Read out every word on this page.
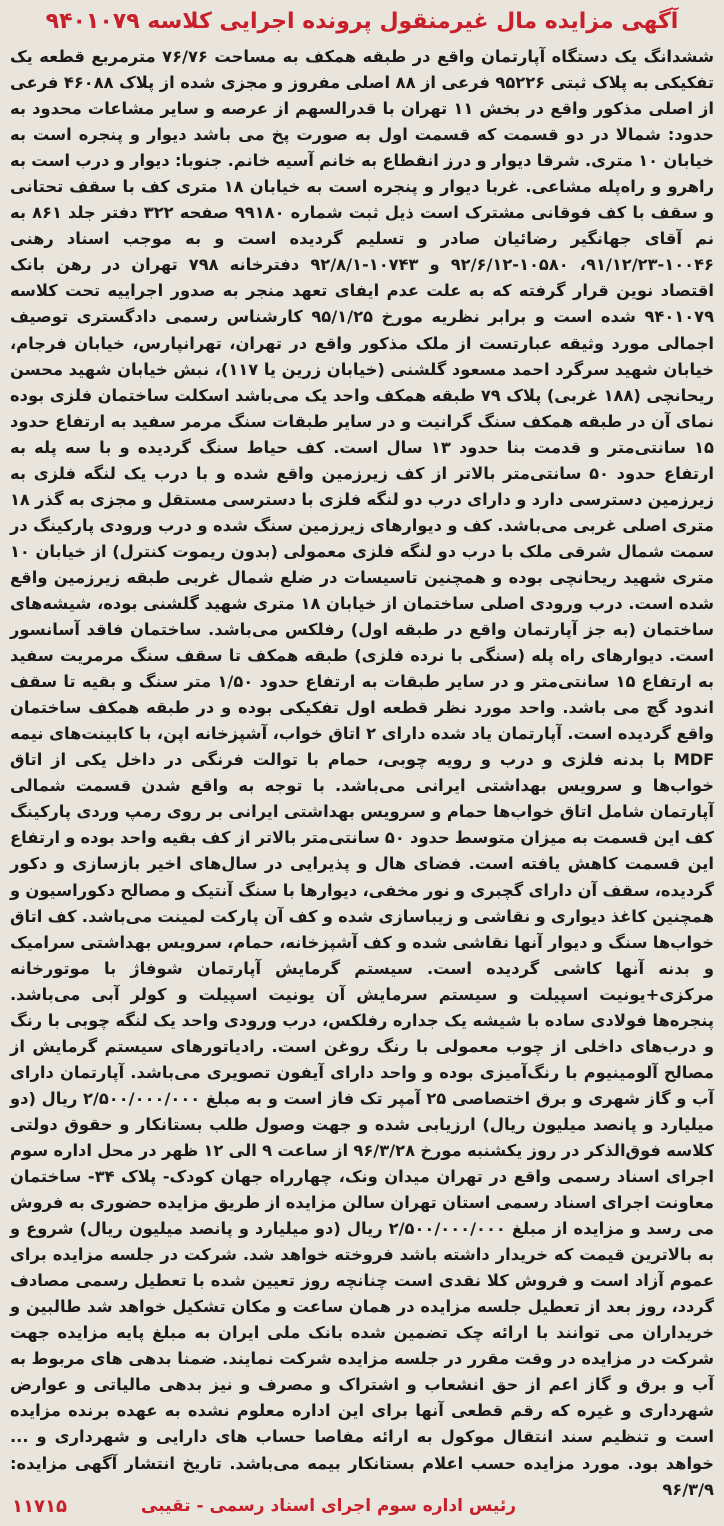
آگهی مزایده مال غیرمنقول پرونده اجرایی کلاسه ۹۴۰۱۰۷۹

ششدانگ یک دستگاه آپارتمان واقع در طبقه همکف به مساحت ۷۶/۷۶ مترمربع قطعه یک تفکیکی به پلاک ثبتی ۹۵۲۲۶ فرعی از ۸۸ اصلی مفروز و مجزی شده از پلاک ۴۶۰۸۸ فرعی از اصلی مذکور واقع در بخش ۱۱ تهران با قدرالسهم از عرصه و سایر مشاعات محدود به حدود: شمالا در دو قسمت که قسمت اول به صورت پخ می باشد دیوار و پنجره است به خیابان ۱۰ متری. شرقا دیوار و درز انقطاع به خانم آسیه خانم. جنوبا: دیوار و درب است به راهرو و راه‌پله مشاعی. غربا دیوار و پنجره است به خیابان ۱۸ متری کف با سقف تحتانی و سقف با کف فوقانی مشترک است ذیل ثبت شماره ۹۹۱۸۰ صفحه ۳۲۲ دفتر جلد ۸۶۱ به نم آقای جهانگیر رضائیان صادر و تسلیم گردیده است و به موجب اسناد رهنی ۱۰۰۴۶-۹۱/۱۲/۲۳، ۱۰۵۸۰-۹۲/۶/۱۲ و ۱۰۷۴۳-۹۲/۸/۱ دفترخانه ۷۹۸ تهران در رهن بانک اقتصاد نوین قرار گرفته که به علت عدم ایفای تعهد منجر به صدور اجراییه تحت کلاسه ۹۴۰۱۰۷۹ شده است و برابر نظریه مورخ ۹۵/۱/۲۵ کارشناس رسمی دادگستری توصیف اجمالی مورد وثیقه عبارتست از ملک مذکور واقع در تهران، تهرانپارس، خیابان فرجام، خیابان شهید سرگرد احمد مسعود گلشنی (خیابان زرین یا ۱۱۷)، نبش خیابان شهید محسن ریحانچی (۱۸۸ غربی) پلاک ۷۹ طبقه همکف واحد یک می‌باشد اسکلت ساختمان فلزی بوده نمای آن در طبقه همکف سنگ گرانیت و در سایر طبقات سنگ مرمر سفید به ارتفاع حدود ۱۵ سانتی‌متر و قدمت بنا حدود ۱۳ سال است. کف حیاط سنگ گردیده و با سه پله به ارتفاع حدود ۵۰ سانتی‌متر بالاتر از کف زیرزمین واقع شده و با درب یک لنگه فلزی به زیرزمین دسترسی دارد و دارای درب دو لنگه فلزی با دسترسی مستقل و مجزی به گذر ۱۸ متری اصلی غربی می‌باشد. کف و دیوارهای زیرزمین سنگ شده و درب ورودی پارکینگ در سمت شمال شرقی ملک با درب دو لنگه فلزی معمولی (بدون ریموت کنترل) از خیابان ۱۰ متری شهید ریحانچی بوده و همچنین تاسیسات در ضلع شمال غربی طبقه زیرزمین واقع شده است. درب ورودی اصلی ساختمان از خیابان ۱۸ متری شهید گلشنی بوده، شیشه‌های ساختمان (به جز آپارتمان واقع در طبقه اول) رفلکس می‌باشد. ساختمان فاقد آسانسور است. دیوارهای راه پله (سنگی با نرده فلزی) طبقه همکف تا سقف سنگ مرمریت سفید به ارتفاع ۱۵ سانتی‌متر و در سایر طبقات به ارتفاع حدود ۱/۵۰ متر سنگ و بقیه تا سقف اندود گچ می باشد. واحد مورد نظر قطعه اول تفکیکی بوده و در طبقه همکف ساختمان واقع گردیده است. آپارتمان یاد شده دارای ۲ اتاق خواب، آشپزخانه اپن، با کابینت‌های نیمه MDF با بدنه فلزی و درب و رویه چوبی، حمام با توالت فرنگی در داخل یکی از اتاق خواب‌ها و سرویس بهداشتی ایرانی می‌باشد. با توجه به واقع شدن قسمت شمالی آپارتمان شامل اتاق خواب‌ها حمام و سرویس بهداشتی ایرانی بر روی رمپ وردی پارکینگ کف این قسمت به میزان متوسط حدود ۵۰ سانتی‌متر بالاتر از کف بقیه واحد بوده و ارتفاع این قسمت کاهش یافته است. فضای هال و پذیرایی در سال‌های اخیر بازسازی و دکور گردیده، سقف آن دارای گچبری و نور مخفی، دیوارها با سنگ آنتیک و مصالح دکوراسیون و همچنین کاغذ دیواری و نقاشی و زیباسازی شده و کف آن پارکت لمینت می‌باشد. کف اتاق خواب‌ها سنگ و دیوار آنها نقاشی شده و کف آشپزخانه، حمام، سرویس بهداشتی سرامیک و بدنه آنها کاشی گردیده است. سیستم گرمایش آپارتمان شوفاژ با موتورخانه مرکزی+یونیت اسپیلت و سیستم سرمایش آن یونیت اسپیلت و کولر آبی می‌باشد. پنجره‌ها فولادی ساده با شیشه یک جداره رفلکس، درب ورودی واحد یک لنگه چوبی با رنگ و درب‌های داخلی از چوب معمولی با رنگ روغن است. رادیاتورهای سیستم گرمایش از مصالح آلومینیوم با رنگ‌آمیزی بوده و واحد دارای آیفون تصویری می‌باشد. آپارتمان دارای آب و گاز شهری و برق اختصاصی ۲۵ آمپر تک فاز است و به مبلغ ۲/۵۰۰/۰۰۰/۰۰۰ ریال (دو میلیارد و پانصد میلیون ریال) ارزیابی شده و جهت وصول طلب بستانکار و حقوق دولتی کلاسه فوق‌الذکر در روز یکشنبه مورخ ۹۶/۳/۲۸ از ساعت ۹ الی ۱۲ ظهر در محل اداره سوم اجرای اسناد رسمی واقع در تهران میدان ونک، چهارراه جهان کودک- پلاک ۳۴- ساختمان معاونت اجرای اسناد رسمی استان تهران سالن مزایده از طریق مزایده حضوری به فروش می رسد و مزایده از مبلغ ۲/۵۰۰/۰۰۰/۰۰۰ ریال (دو میلیارد و پانصد میلیون ریال) شروع و به بالاترین قیمت که خریدار داشته باشد فروخته خواهد شد. شرکت در جلسه مزایده برای عموم آزاد است و فروش کلا نقدی است چنانچه روز تعیین شده با تعطیل رسمی مصادف گردد، روز بعد از تعطیل جلسه مزایده در همان ساعت و مکان تشکیل خواهد شد طالبین و خریداران می توانند با ارائه چک تضمین شده بانک ملی ایران به مبلغ پایه مزایده جهت شرکت در مزایده در وقت مقرر در جلسه مزایده شرکت نمایند. ضمنا بدهی های مربوط به آب و برق و گاز اعم از حق انشعاب و اشتراک و مصرف و نیز بدهی مالیاتی و عوارض شهرداری و غیره که رقم قطعی آنها برای این اداره معلوم نشده به عهده برنده مزایده است و تنظیم سند انتقال موکول به ارائه مفاصا حساب های دارایی و شهرداری و ... خواهد بود. مورد مزایده حسب اعلام بستانکار بیمه می‌باشد. تاریخ انتشار آگهی مزایده: ۹۶/۳/۹

رئیس اداره سوم اجرای اسناد رسمی - تقیبی
۱۱۷۱۵
